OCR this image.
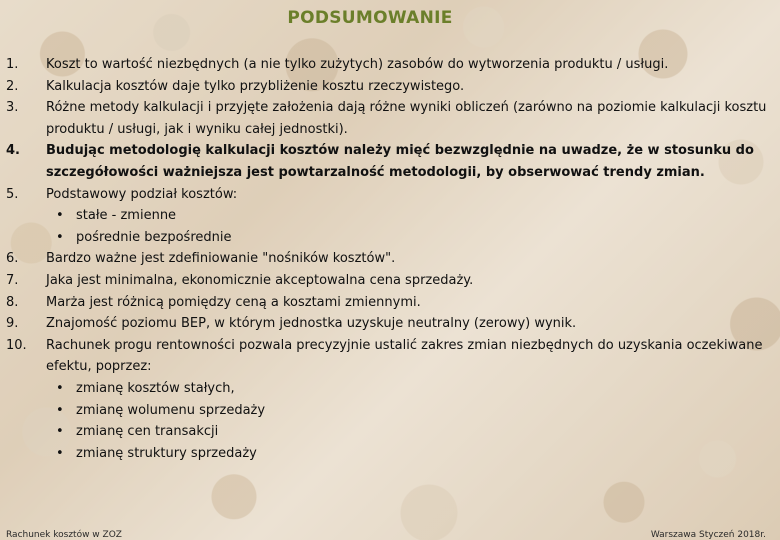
PODSUMOWANIE
1.	Koszt to wartość niezbędnych (a nie tylko zużytych) zasobów do wytworzenia produktu / usługi.
2.	Kalkulacja kosztów daje tylko przybliżenie kosztu rzeczywistego.
3.	Różne metody kalkulacji i przyjęte założenia dają różne wyniki obliczeń (zarówno na poziomie kalkulacji kosztu produktu / usługi, jak i wyniku całej jednostki).
4.	Budując metodologię kalkulacji kosztów należy mięć bezwzględnie na uwadze, że w stosunku do szczegółowości ważniejsza jest powtarzalność metodologii, by obserwować trendy zmian.
5.	Podstawowy podział kosztów:
• stałe - zmienne
• pośrednie bezpośrednie
6.	Bardzo ważne jest zdefiniowanie "nośników kosztów".
7.	Jaka jest minimalna, ekonomicznie akceptowalna cena sprzedaży.
8.	Marża jest różnicą pomiędzy ceną a kosztami zmiennymi.
9.	Znajomość poziomu BEP, w którym jednostka uzyskuje neutralny (zerowy) wynik.
10.	Rachunek progu rentowności pozwala precyzyjnie ustalić zakres zmian niezbędnych do uzyskania oczekiwane efektu, poprzez:
• zmianę kosztów stałych,
• zmianę wolumenu sprzedaży
• zmianę cen transakcji
• zmianę struktury sprzedaży
Rachunek kosztów w ZOZ	Warszawa Styczeń 2018r.
